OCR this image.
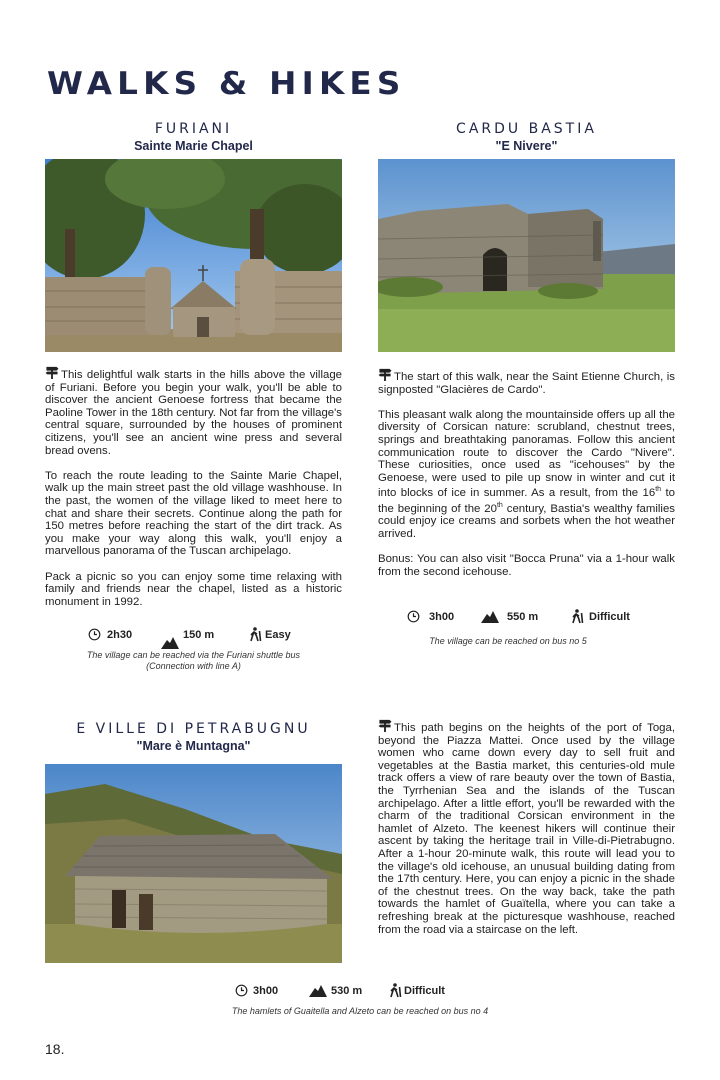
WALKS & HIKES
FURIANI
Sainte Marie Chapel

This delightful walk starts in the hills above the village of Furiani. Before you begin your walk, you'll be able to discover the ancient Genoese fortress that became the Paoline Tower in the 18th century. Not far from the village's central square, surrounded by the houses of prominent citizens, you'll see an ancient wine press and several bread ovens.

To reach the route leading to the Sainte Marie Chapel, walk up the main street past the old village washhouse. In the past, the women of the village liked to meet here to chat and share their secrets. Continue along the path for 150 metres before reaching the start of the dirt track. As you make your way along this walk, you'll enjoy a marvellous panorama of the Tuscan archipelago.

Pack a picnic so you can enjoy some time relaxing with family and friends near the chapel, listed as a historic monument in 1992.

2h30	150 m	Easy
The village can be reached via the Furiani shuttle bus
(Connection with line A)
CARDU BASTIA
"E Nivere"

The start of this walk, near the Saint Etienne Church, is signposted "Glacières de Cardo".

This pleasant walk along the mountainside offers up all the diversity of Corsican nature: scrubland, chestnut trees, springs and breathtaking panoramas. Follow this ancient communication route to discover the Cardo "Nivere". These curiosities, once used as "icehouses" by the Genoese, were used to pile up snow in winter and cut it into blocks of ice in summer. As a result, from the 16th to the beginning of the 20th century, Bastia's wealthy families could enjoy ice creams and sorbets when the hot weather arrived.

Bonus: You can also visit "Bocca Pruna" via a 1-hour walk from the second icehouse.

3h00	550 m	Difficult
The village can be reached on bus no 5
E VILLE DI PETRABUGNU
"Mare è Muntagna"

This path begins on the heights of the port of Toga, beyond the Piazza Mattei. Once used by the village women who came down every day to sell fruit and vegetables at the Bastia market, this centuries-old mule track offers a view of rare beauty over the town of Bastia, the Tyrrhenian Sea and the islands of the Tuscan archipelago. After a little effort, you'll be rewarded with the charm of the traditional Corsican environment in the hamlet of Alzeto. The keenest hikers will continue their ascent by taking the heritage trail in Ville-di-Pietrabugno. After a 1-hour 20-minute walk, this route will lead you to the village's old icehouse, an unusual building dating from the 17th century. Here, you can enjoy a picnic in the shade of the chestnut trees. On the way back, take the path towards the hamlet of Guaïtella, where you can take a refreshing break at the picturesque washhouse, reached from the road via a staircase on the left.

3h00	530 m	Difficult
The hamlets of Guaitella and Alzeto can be reached on bus no 4
18.
